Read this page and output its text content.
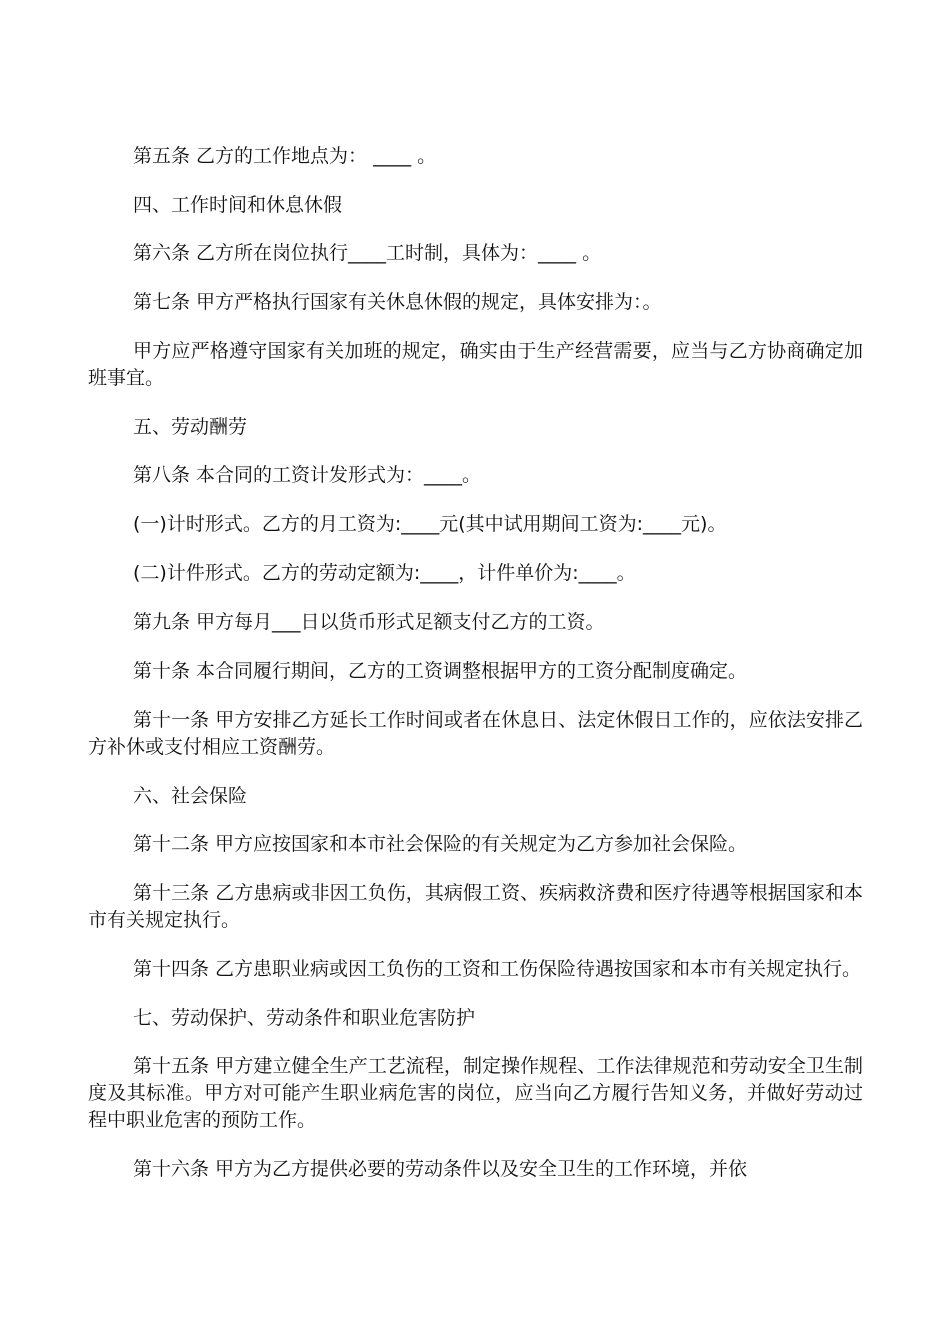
第五条 乙方的工作地点为： ____ 。

四、工作时间和休息休假

第六条 乙方所在岗位执行____工时制，具体为：____ 。

第七条 甲方严格执行国家有关休息休假的规定，具体安排为：。

甲方应严格遵守国家有关加班的规定，确实由于生产经营需要，应当与乙方协商确定加班事宜。

五、劳动酬劳

第八条 本合同的工资计发形式为：____。

(一)计时形式。乙方的月工资为:____元(其中试用期间工资为:____元)。

(二)计件形式。乙方的劳动定额为:____，计件单价为:____。

第九条 甲方每月___日以货币形式足额支付乙方的工资。

第十条 本合同履行期间，乙方的工资调整根据甲方的工资分配制度确定。

第十一条 甲方安排乙方延长工作时间或者在休息日、法定休假日工作的，应依法安排乙方补休或支付相应工资酬劳。

六、社会保险

第十二条 甲方应按国家和本市社会保险的有关规定为乙方参加社会保险。

第十三条 乙方患病或非因工负伤，其病假工资、疾病救济费和医疗待遇等根据国家和本市有关规定执行。

第十四条 乙方患职业病或因工负伤的工资和工伤保险待遇按国家和本市有关规定执行。

七、劳动保护、劳动条件和职业危害防护

第十五条 甲方建立健全生产工艺流程，制定操作规程、工作法律规范和劳动安全卫生制度及其标准。甲方对可能产生职业病危害的岗位，应当向乙方履行告知义务，并做好劳动过程中职业危害的预防工作。

第十六条 甲方为乙方提供必要的劳动条件以及安全卫生的工作环境，并依
